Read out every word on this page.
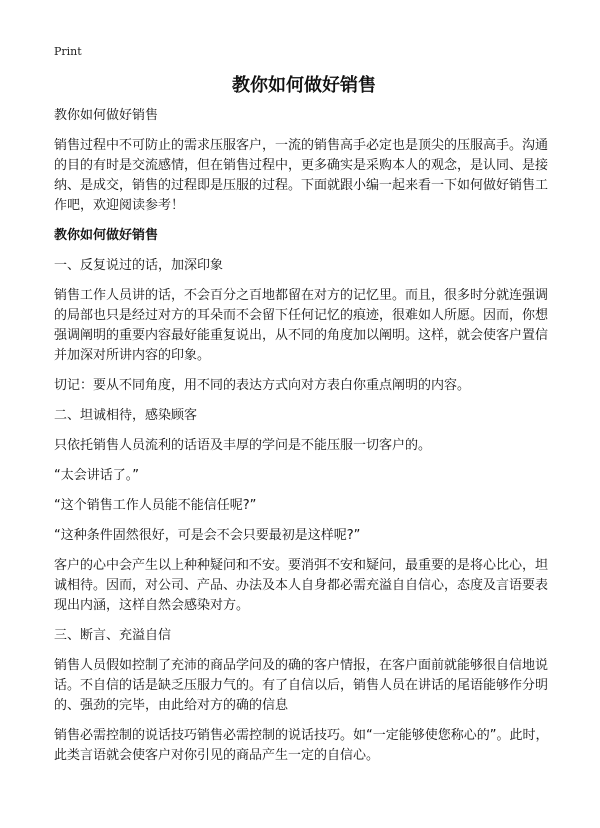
Print
教你如何做好销售
教你如何做好销售
销售过程中不可防止的需求压服客户，一流的销售高手必定也是顶尖的压服高手。沟通的目的有时是交流感情，但在销售过程中，更多确实是采购本人的观念，是认同、是接纳、是成交，销售的过程即是压服的过程。下面就跟小编一起来看一下如何做好销售工作吧，欢迎阅读参考！
教你如何做好销售
一、反复说过的话，加深印象
销售工作人员讲的话，不会百分之百地都留在对方的记忆里。而且，很多时分就连强调的局部也只是经过对方的耳朵而不会留下任何记忆的痕迹，很难如人所愿。因而，你想强调阐明的重要内容最好能重复说出，从不同的角度加以阐明。这样，就会使客户置信并加深对所讲内容的印象。
切记：要从不同角度，用不同的表达方式向对方表白你重点阐明的内容。
二、坦诚相待，感染顾客
只依托销售人员流利的话语及丰厚的学问是不能压服一切客户的。
“太会讲话了。”
“这个销售工作人员能不能信任呢?”
“这种条件固然很好，可是会不会只要最初是这样呢?”
客户的心中会产生以上种种疑问和不安。要消弭不安和疑问，最重要的是将心比心，坦诚相待。因而，对公司、产品、办法及本人自身都必需充溢自自信心，态度及言语要表现出内涵，这样自然会感染对方。
三、断言、充溢自信
销售人员假如控制了充沛的商品学问及的确的客户情报，在客户面前就能够很自信地说话。不自信的话是缺乏压服力气的。有了自信以后，销售人员在讲话的尾语能够作分明的、强劲的完毕，由此给对方的确的信息
销售必需控制的说话技巧销售必需控制的说话技巧。如“一定能够使您称心的”。此时，此类言语就会使客户对你引见的商品产生一定的自信心。
